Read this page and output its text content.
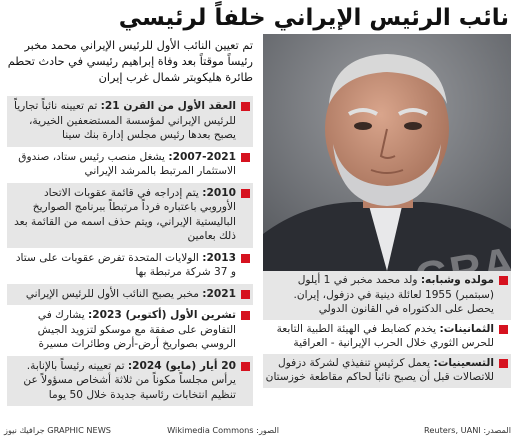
نائب الرئيس الإيراني خلفاً لرئيسي
تم تعيين النائب الأول للرئيس الإيراني محمد مخبر رئيساً موقتاً بعد وفاة إبراهيم رئيسي في حادث تحطم طائرة هليكوبتر شمال غرب إيران
العقد الأول من القرن 21: تم تعيينه نائباً تجارياً للرئيس الإيراني لمؤسسة المستضعفين الخيرية، يصبح بعدها رئيس مجلس إدارة بنك سينا
2007-2021: يشغل منصب رئيس ستاد، صندوق الاستثمار المرتبط بالمرشد الإيراني
2010: يتم إدراجه في قائمة عقوبات الاتحاد الأوروبي باعتباره فرداً مرتبطاً ببرنامج الصواريخ الباليستية الإيراني، ويتم حذف اسمه من القائمة بعد ذلك بعامين
2013: الولايات المتحدة تفرض عقوبات على ستاد و 37 شركة مرتبطة بها
2021: مخبر يصبح النائب الأول للرئيس الإيراني
تشرين الأول (أكتوبر) 2023: يشارك في التفاوض على صفقة مع موسكو لتزويد الجيش الروسي بصواريخ أرض-أرض وطائرات مسيرة
20 أيار (مايو) 2024: تم تعيينه رئيساً بالإنابة. يرأس مجلساً مكوناً من ثلاثة أشخاص مسؤولاً عن تنظيم انتخابات رئاسية جديدة خلال 50 يوما
مولده وشبابه: ولد محمد مخبر في 1 أيلول (سبتمبر) 1955 لعائلة دينية في دزفول، إيران. يحصل على الدكتوراه في القانون الدولي
الثمانينات: يخدم كضابط في الهيئة الطبية التابعة للحرس الثوري خلال الحرب الإيرانية - العراقية
التسعينيات: يعمل كرئيس تنفيذي لشركة دزفول للاتصالات قبل أن يصبح نائباً لحاكم مقاطعة خوزستان
المصدر: Reuters, UANI
الصور: Wikimedia Commons
GRAPHIC NEWS جرافيك نيوز
